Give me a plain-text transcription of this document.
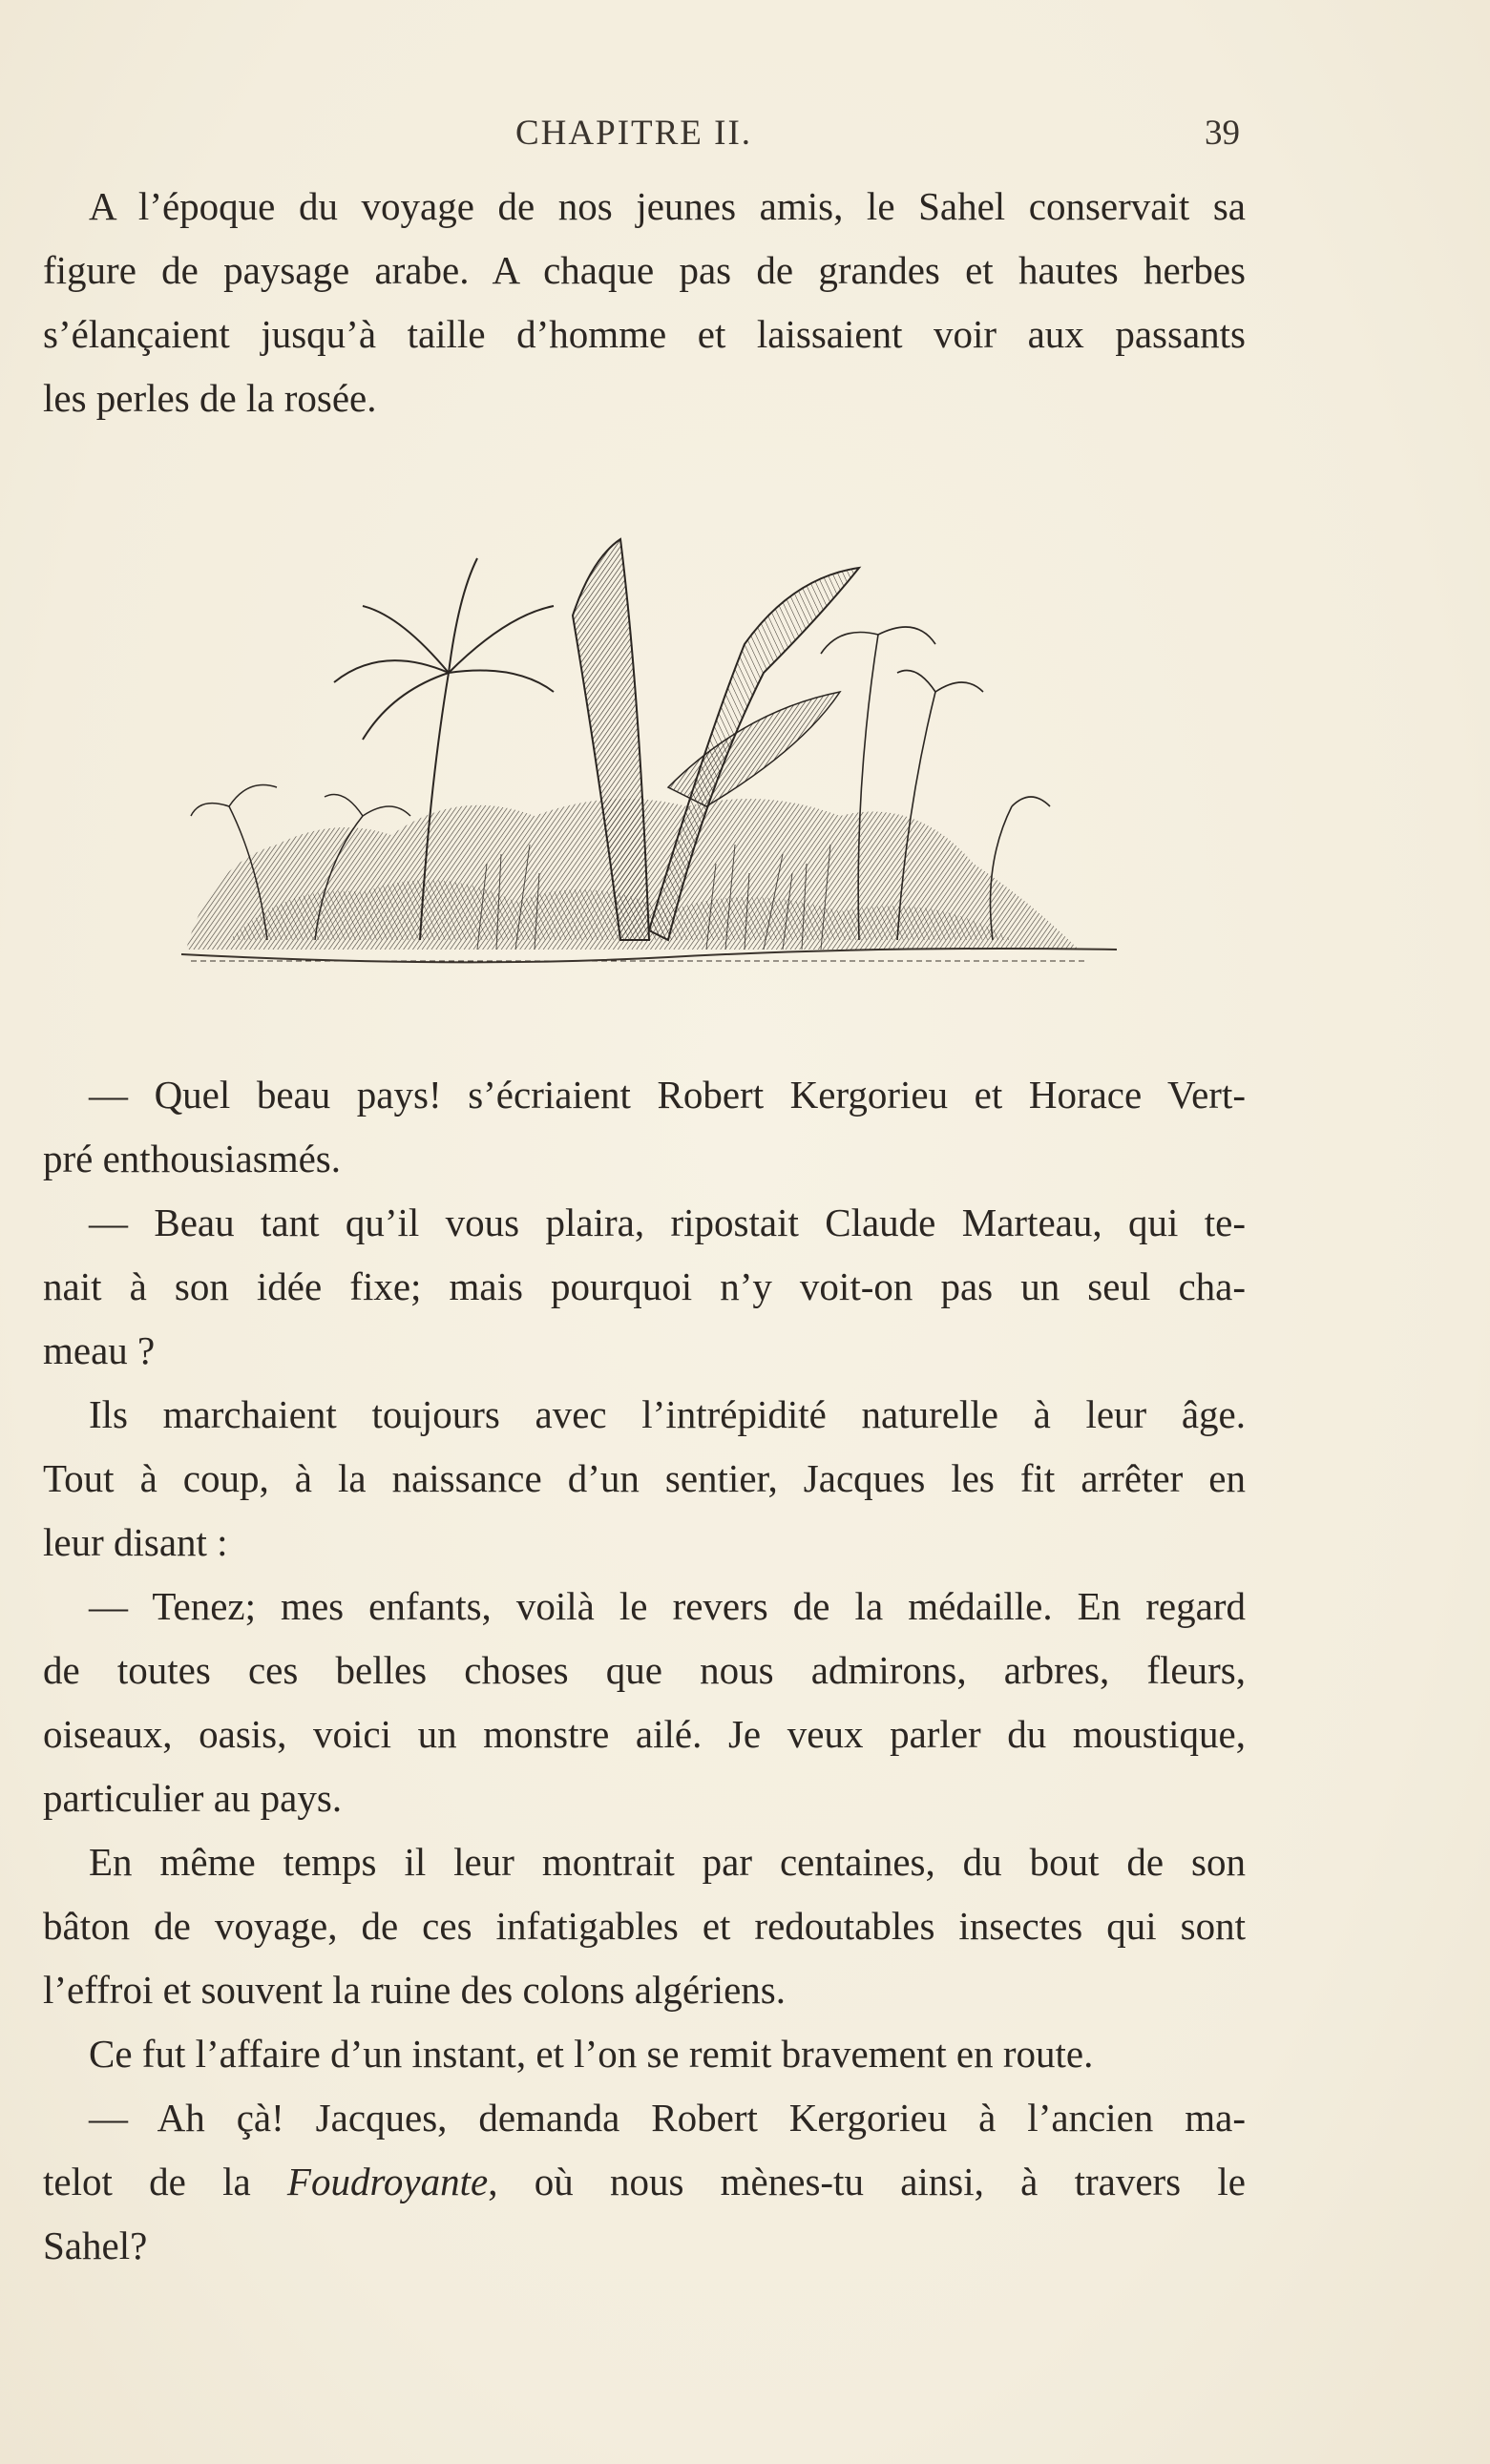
CHAPITRE II.	39
A l’époque du voyage de nos jeunes amis, le Sahel conservait sa
figure de paysage arabe. A chaque pas de grandes et hautes herbes
s’élançaient jusqu’à taille d’homme et laissaient voir aux passants
les perles de la rosée.
— Quel beau pays! s’écriaient Robert Kergorieu et Horace Vert-
pré enthousiasmés.
— Beau tant qu’il vous plaira, ripostait Claude Marteau, qui te-
nait à son idée fixe; mais pourquoi n’y voit-on pas un seul cha-
meau ?
Ils marchaient toujours avec l’intrépidité naturelle à leur âge.
Tout à coup, à la naissance d’un sentier, Jacques les fit arrêter en
leur disant :
— Tenez; mes enfants, voilà le revers de la médaille. En regard
de toutes ces belles choses que nous admirons, arbres, fleurs,
oiseaux, oasis, voici un monstre ailé. Je veux parler du moustique,
particulier au pays.
En même temps il leur montrait par centaines, du bout de son
bâton de voyage, de ces infatigables et redoutables insectes qui sont
l’effroi et souvent la ruine des colons algériens.
Ce fut l’affaire d’un instant, et l’on se remit bravement en route.
— Ah çà! Jacques, demanda Robert Kergorieu à l’ancien ma-
telot de la Foudroyante, où nous mènes-tu ainsi, à travers le
Sahel?
